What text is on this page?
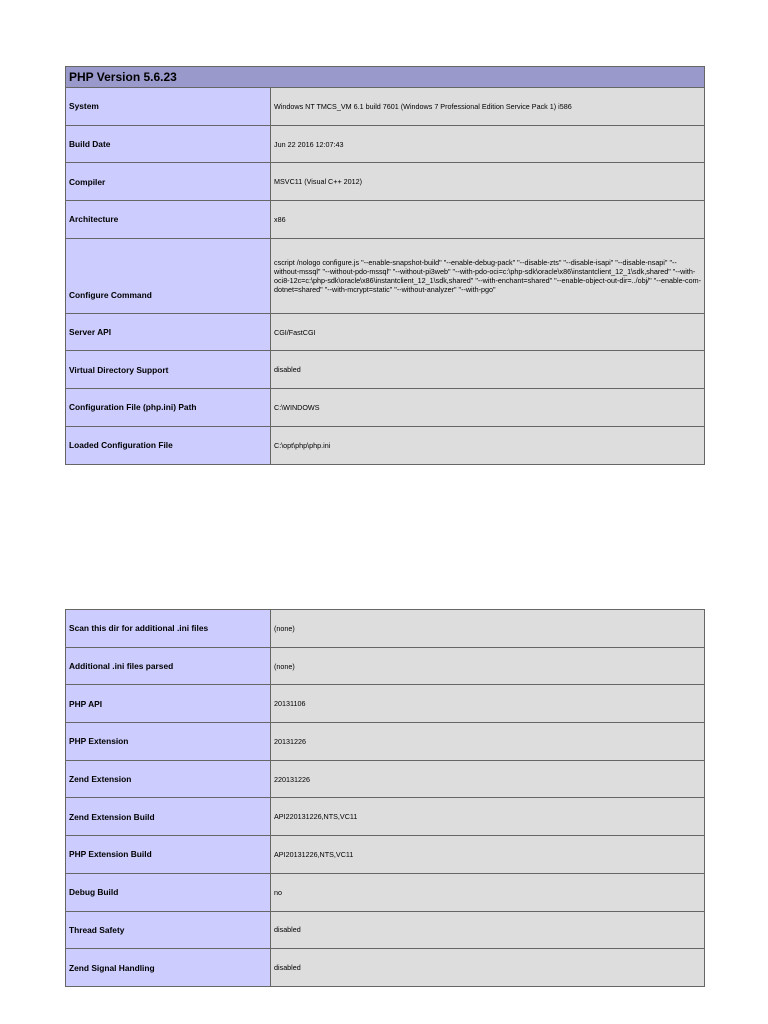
PHP Version 5.6.23	
System	Windows NT TMCS_VM 6.1 build 7601 (Windows 7 Professional Edition Service Pack 1) i586
Build Date	Jun 22 2016 12:07:43
Compiler	MSVC11 (Visual C++ 2012)
Architecture	x86
Configure Command	cscript /nologo configure.js "--enable-snapshot-build" "--enable-debug-pack" "--disable-zts" "--disable-isapi" "--disable-nsapi" "--without-mssql" "--without-pdo-mssql" "--without-pi3web" "--with-pdo-oci=c:\php-sdk\oracle\x86\instantclient_12_1\sdk,shared" "--with-oci8-12c=c:\php-sdk\oracle\x86\instantclient_12_1\sdk,shared" "--with-enchant=shared" "--enable-object-out-dir=../obj/" "--enable-com-dotnet=shared" "--with-mcrypt=static" "--without-analyzer" "--with-pgo"
Server API	CGI/FastCGI
Virtual Directory Support	disabled
Configuration File (php.ini) Path	C:\WINDOWS
Loaded Configuration File	C:\opt\php\php.ini
Scan this dir for additional .ini files	(none)
Additional .ini files parsed	(none)
PHP API	20131106
PHP Extension	20131226
Zend Extension	220131226
Zend Extension Build	API220131226,NTS,VC11
PHP Extension Build	API20131226,NTS,VC11
Debug Build	no
Thread Safety	disabled
Zend Signal Handling	disabled
